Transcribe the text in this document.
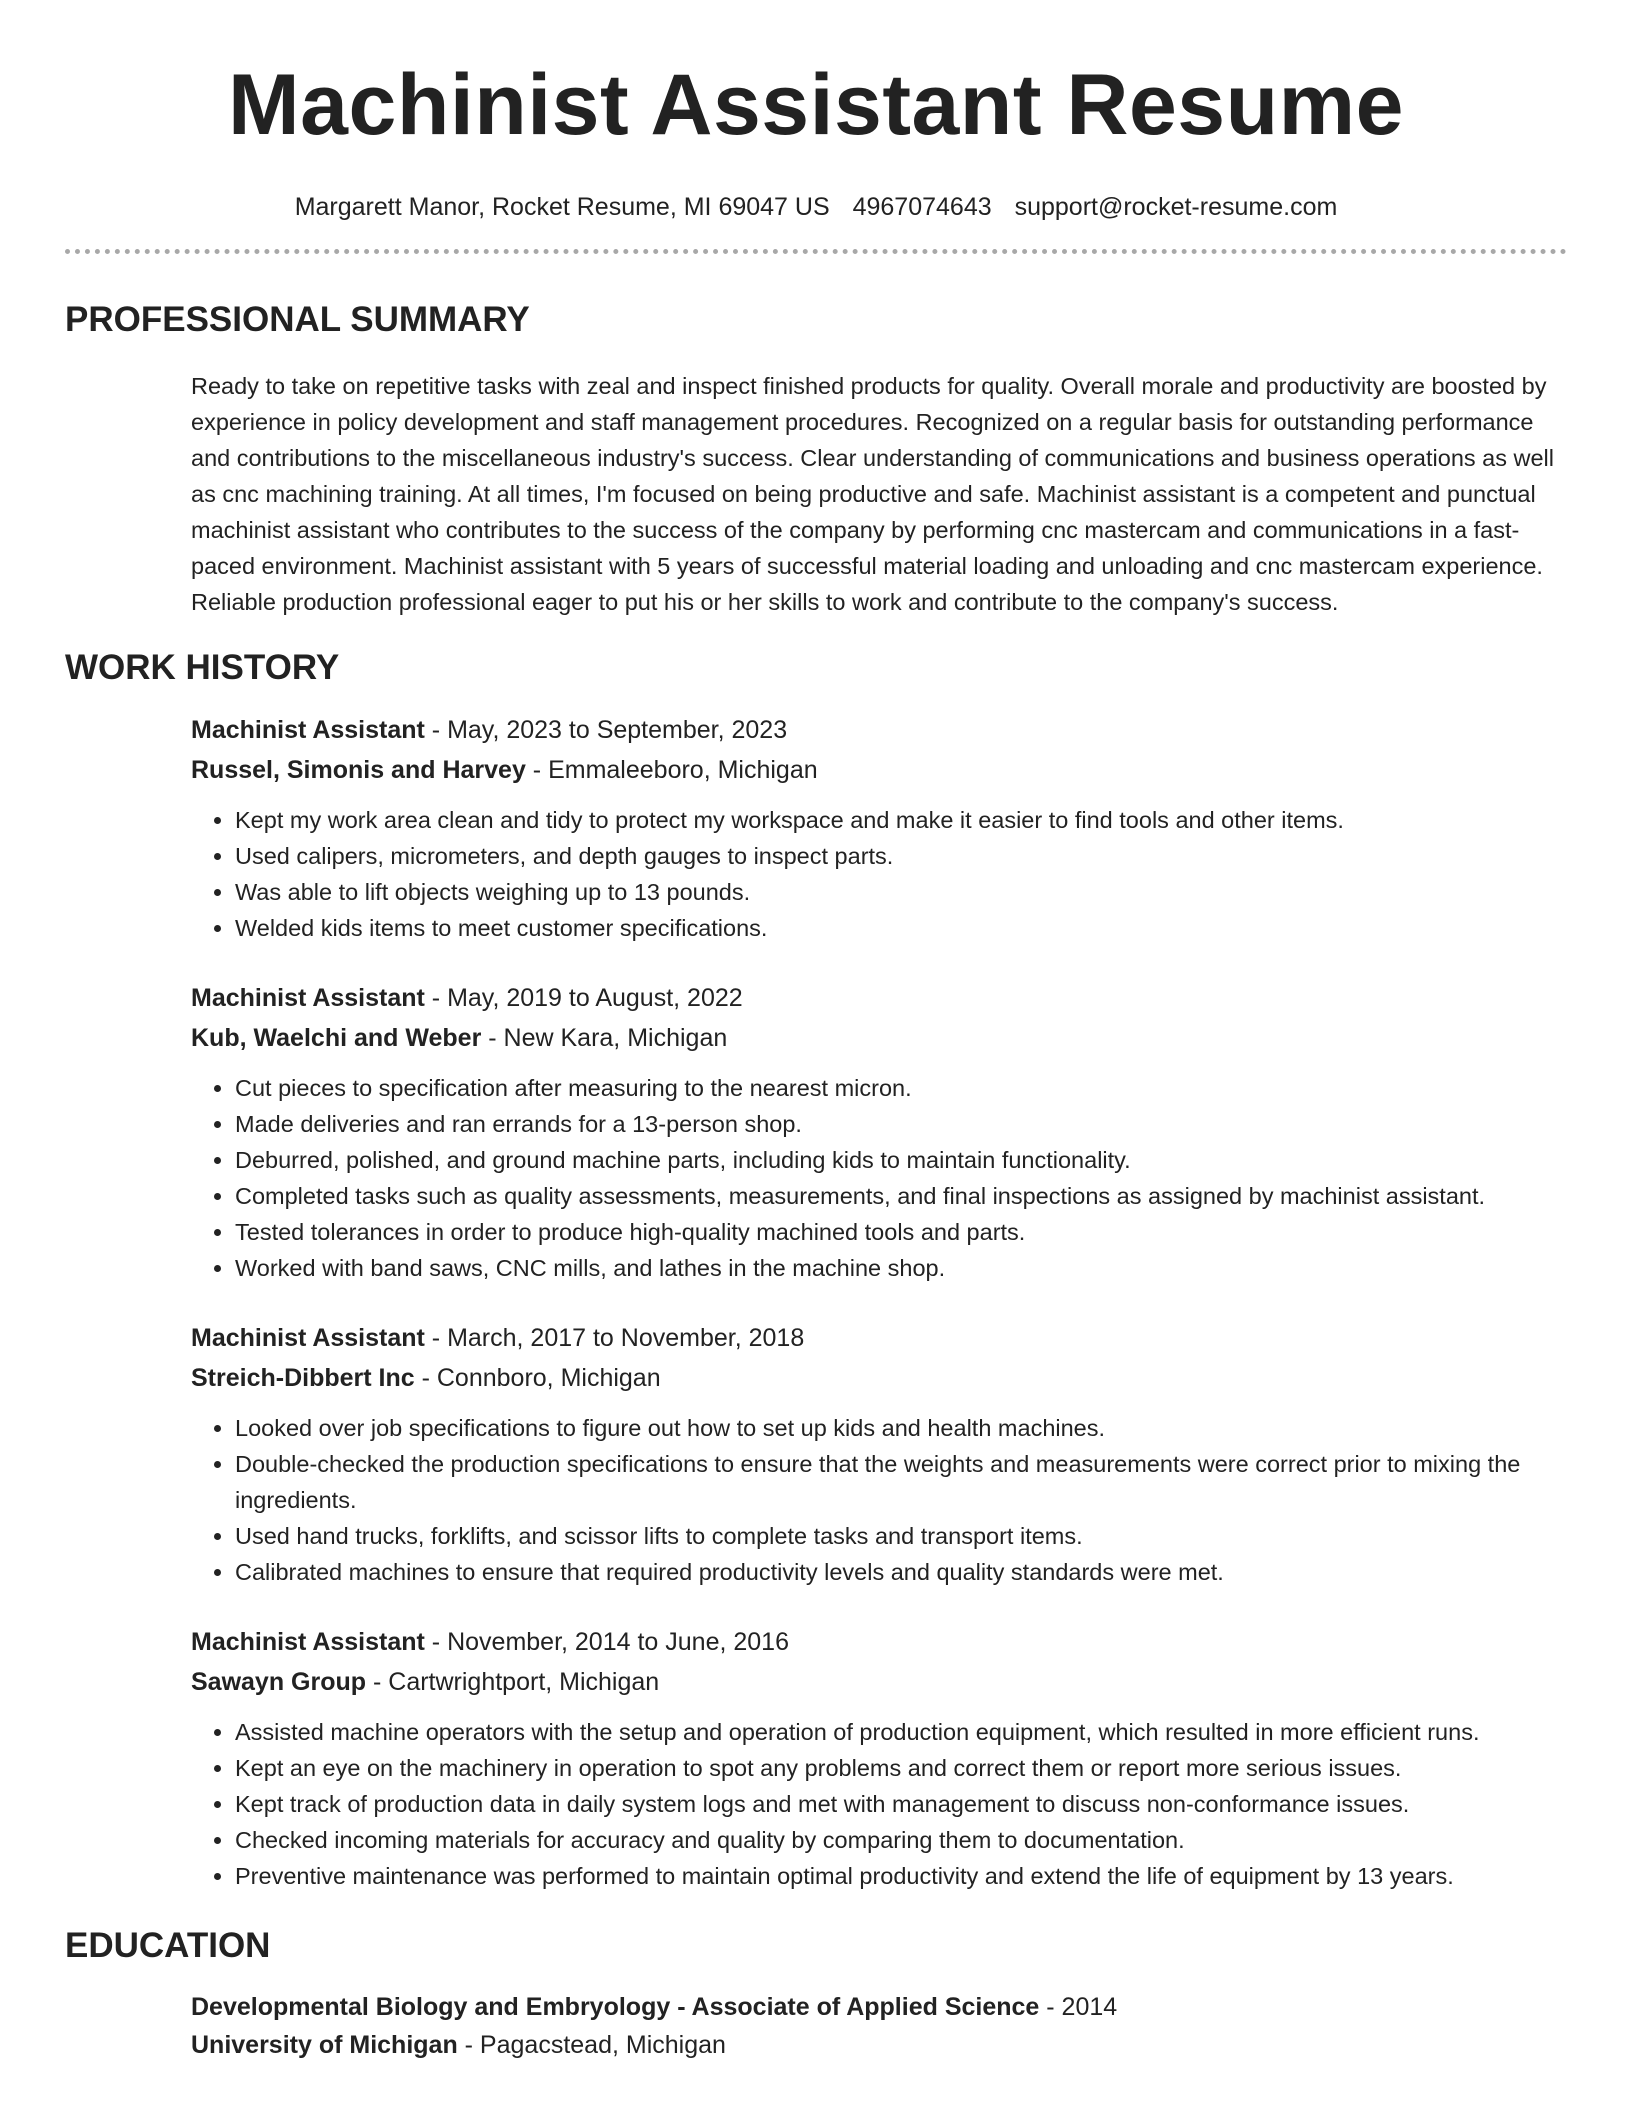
Machinist Assistant Resume
Margarett Manor, Rocket Resume, MI 69047 US 4967074643 support@rocket-resume.com
PROFESSIONAL SUMMARY

Ready to take on repetitive tasks with zeal and inspect finished products for quality. Overall morale and productivity are boosted by experience in policy development and staff management procedures. Recognized on a regular basis for outstanding performance and contributions to the miscellaneous industry's success. Clear understanding of communications and business operations as well as cnc machining training. At all times, I'm focused on being productive and safe. Machinist assistant is a competent and punctual machinist assistant who contributes to the success of the company by performing cnc mastercam and communications in a fast-paced environment. Machinist assistant with 5 years of successful material loading and unloading and cnc mastercam experience. Reliable production professional eager to put his or her skills to work and contribute to the company's success.

WORK HISTORY
Machinist Assistant - May, 2023 to September, 2023
Russel, Simonis and Harvey - Emmaleeboro, Michigan
• Kept my work area clean and tidy to protect my workspace and make it easier to find tools and other items.
• Used calipers, micrometers, and depth gauges to inspect parts.
• Was able to lift objects weighing up to 13 pounds.
• Welded kids items to meet customer specifications.
Machinist Assistant - May, 2019 to August, 2022
Kub, Waelchi and Weber - New Kara, Michigan
• Cut pieces to specification after measuring to the nearest micron.
• Made deliveries and ran errands for a 13-person shop.
• Deburred, polished, and ground machine parts, including kids to maintain functionality.
• Completed tasks such as quality assessments, measurements, and final inspections as assigned by machinist assistant.
• Tested tolerances in order to produce high-quality machined tools and parts.
• Worked with band saws, CNC mills, and lathes in the machine shop.
Machinist Assistant - March, 2017 to November, 2018
Streich-Dibbert Inc - Connboro, Michigan
• Looked over job specifications to figure out how to set up kids and health machines.
• Double-checked the production specifications to ensure that the weights and measurements were correct prior to mixing the ingredients.
• Used hand trucks, forklifts, and scissor lifts to complete tasks and transport items.
• Calibrated machines to ensure that required productivity levels and quality standards were met.
Machinist Assistant - November, 2014 to June, 2016
Sawayn Group - Cartwrightport, Michigan
• Assisted machine operators with the setup and operation of production equipment, which resulted in more efficient runs.
• Kept an eye on the machinery in operation to spot any problems and correct them or report more serious issues.
• Kept track of production data in daily system logs and met with management to discuss non-conformance issues.
• Checked incoming materials for accuracy and quality by comparing them to documentation.
• Preventive maintenance was performed to maintain optimal productivity and extend the life of equipment by 13 years.
EDUCATION
Developmental Biology and Embryology - Associate of Applied Science - 2014
University of Michigan - Pagacstead, Michigan
